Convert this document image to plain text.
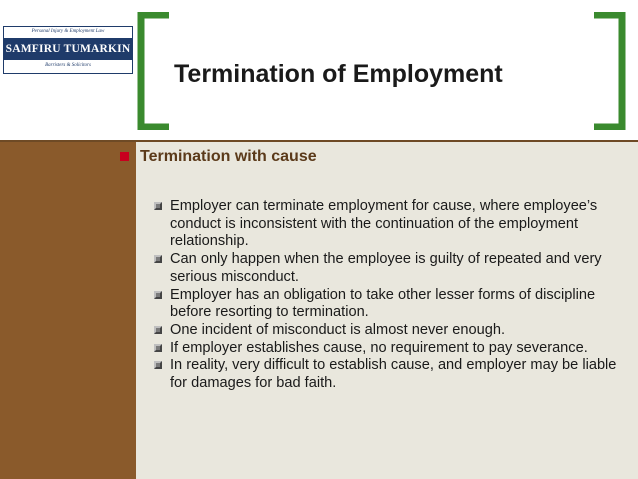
Personal Injury & Employment Law
SAMFIRU TUMARKIN
Barristers & Solicitors	Termination of Employment
Termination with cause
Employer can terminate employment for cause, where employee’s conduct is inconsistent with the continuation of the employment relationship.
Can only happen when the employee is guilty of repeated and very serious misconduct.
Employer has an obligation to take other lesser forms of discipline before resorting to termination.
One incident of misconduct is almost never enough.
If employer establishes cause, no requirement to pay severance.
In reality, very difficult to establish cause, and employer may be liable for damages for bad faith.
